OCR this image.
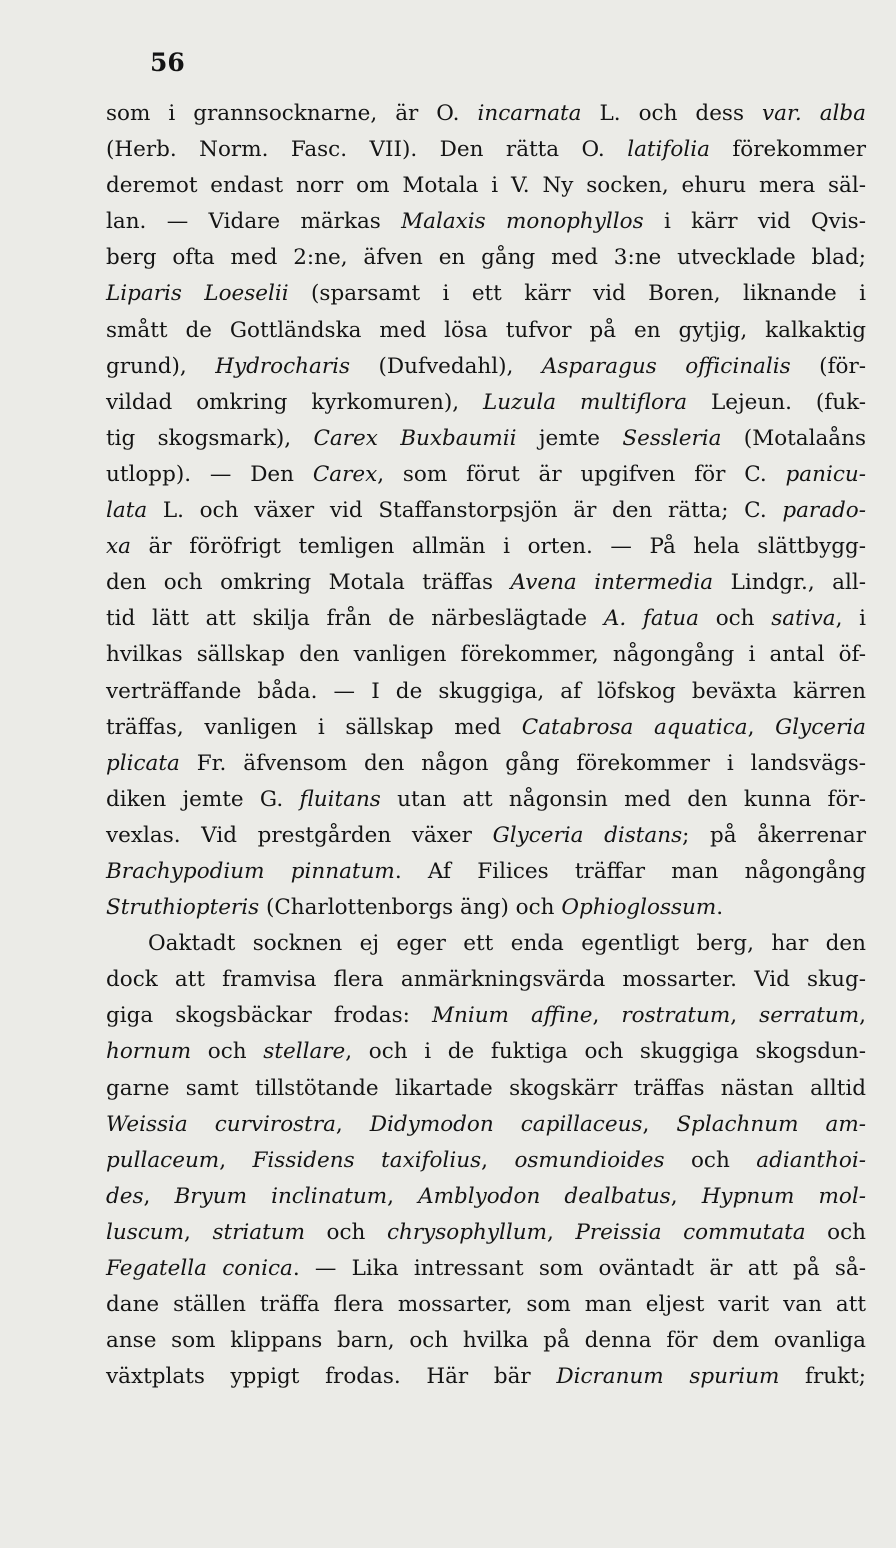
56
som i grannsocknarne, är O. incarnata L. och dess var. alba
(Herb. Norm. Fasc. VII). Den rätta O. latifolia förekommer
deremot endast norr om Motala i V. Ny socken, ehuru mera säl-
lan. — Vidare märkas Malaxis monophyllos i kärr vid Qvis-
berg ofta med 2:ne, äfven en gång med 3:ne utvecklade blad;
Liparis Loeselii (sparsamt i ett kärr vid Boren, liknande i
smått de Gottländska med lösa tufvor på en gytjig, kalkaktig
grund), Hydrocharis (Dufvedahl), Asparagus officinalis (för-
vildad omkring kyrkomuren), Luzula multiflora Lejeun. (fuk-
tig skogsmark), Carex Buxbaumii jemte Sessleria (Motalaåns
utlopp). — Den Carex, som förut är upgifven för C. panicu-
lata L. och växer vid Staffanstorpsjön är den rätta; C. paradо-
xa är föröfrigt temligen allmän i orten. — På hela slättbygg-
den och omkring Motala träffas Avena intermedia Lindgr., all-
tid lätt att skilja från de närbeslägtade A. fatua och sativa, i
hvilkas sällskap den vanligen förekommer, någongång i antal öf-
verträffande båda. — I de skuggiga, af löfskog beväxta kärren
träffas, vanligen i sällskap med Catabrosa aquatica, Glyceria
plicata Fr. äfvensom den någon gång förekommer i landsvägs-
diken jemte G. fluitans utan att någonsin med den kunna för-
vexlas. Vid prestgården växer Glyceria distans; på åkerrenar
Brachypodium pinnatum. Af Filices träffar man någongång
Struthiopteris (Charlottenborgs äng) och Ophioglossum.
Oaktadt socknen ej eger ett enda egentligt berg, har den
dock att framvisa flera anmärkningsvärda mossarter. Vid skug-
giga skogsbäckar frodas: Mnium affine, rostratum, serratum,
hornum och stellare, och i de fuktiga och skuggiga skogsdun-
garne samt tillstötande likartade skogskärr träffas nästan alltid
Weissia curvirostra, Didymodon capillaceus, Splachnum am-
pullaceum, Fissidens taxifolius, osmundioides och adianthoi-
des, Bryum inclinatum, Amblyodon dealbatus, Hypnum mol-
luscum, striatum och chrysophyllum, Preissia commutata och
Fegatella conica. — Lika intressant som oväntadt är att på så-
dane ställen träffa flera mossarter, som man eljest varit van att
anse som klippans barn, och hvilka på denna för dem ovanliga
växtplats yppigt frodas. Här bär Dicranum spurium frukt;
